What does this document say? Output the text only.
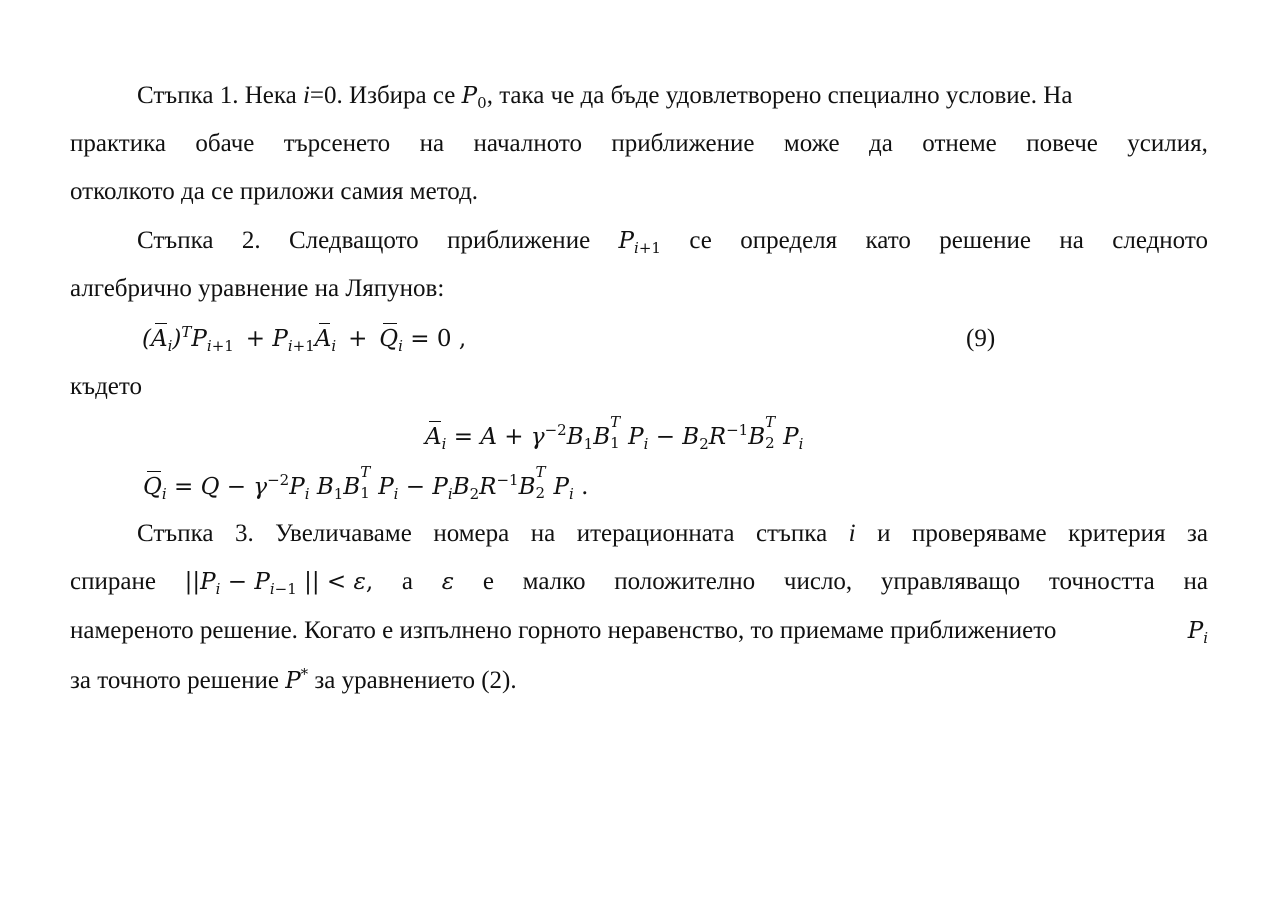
Стъпка 1. Нека i=0. Избира се $P_0$, така че да бъде удовлетворено специално условие. На
практика обаче търсенето на началното приближение може да отнеме повече усилия,
отколкото да се приложи самия метод.
Стъпка 2. Следващото приближение $P_{i+1}$ се определя като решение на следното
алгебрично уравнение на Ляпунов:
$(A_i)^TP_{i+1} + P_{i+1}A_i + Q_i = 0$ ,	(9)
където
$A_i = A + \gamma^{-2}B_1B$
T
1 $P_i - B_2R^{-1}B$
T
2 $P_i$
$Q_i = Q - \gamma^{-2}P_i$ $B_1B$
T
1 $P_i - P_iB_2R^{-1}B$
T
2 $P_i$ .
Стъпка 3. Увеличаваме номера на итерационната стъпка i и проверяваме критерия за
спиране $||P_i - P_{i-1}$ || < ε, а ε е малко положително число, управляващо точността на
намереното решение. Когато е изпълнено горното неравенство, то приемаме приближението	$P_i$
за точното решение P* за уравнението (2).
